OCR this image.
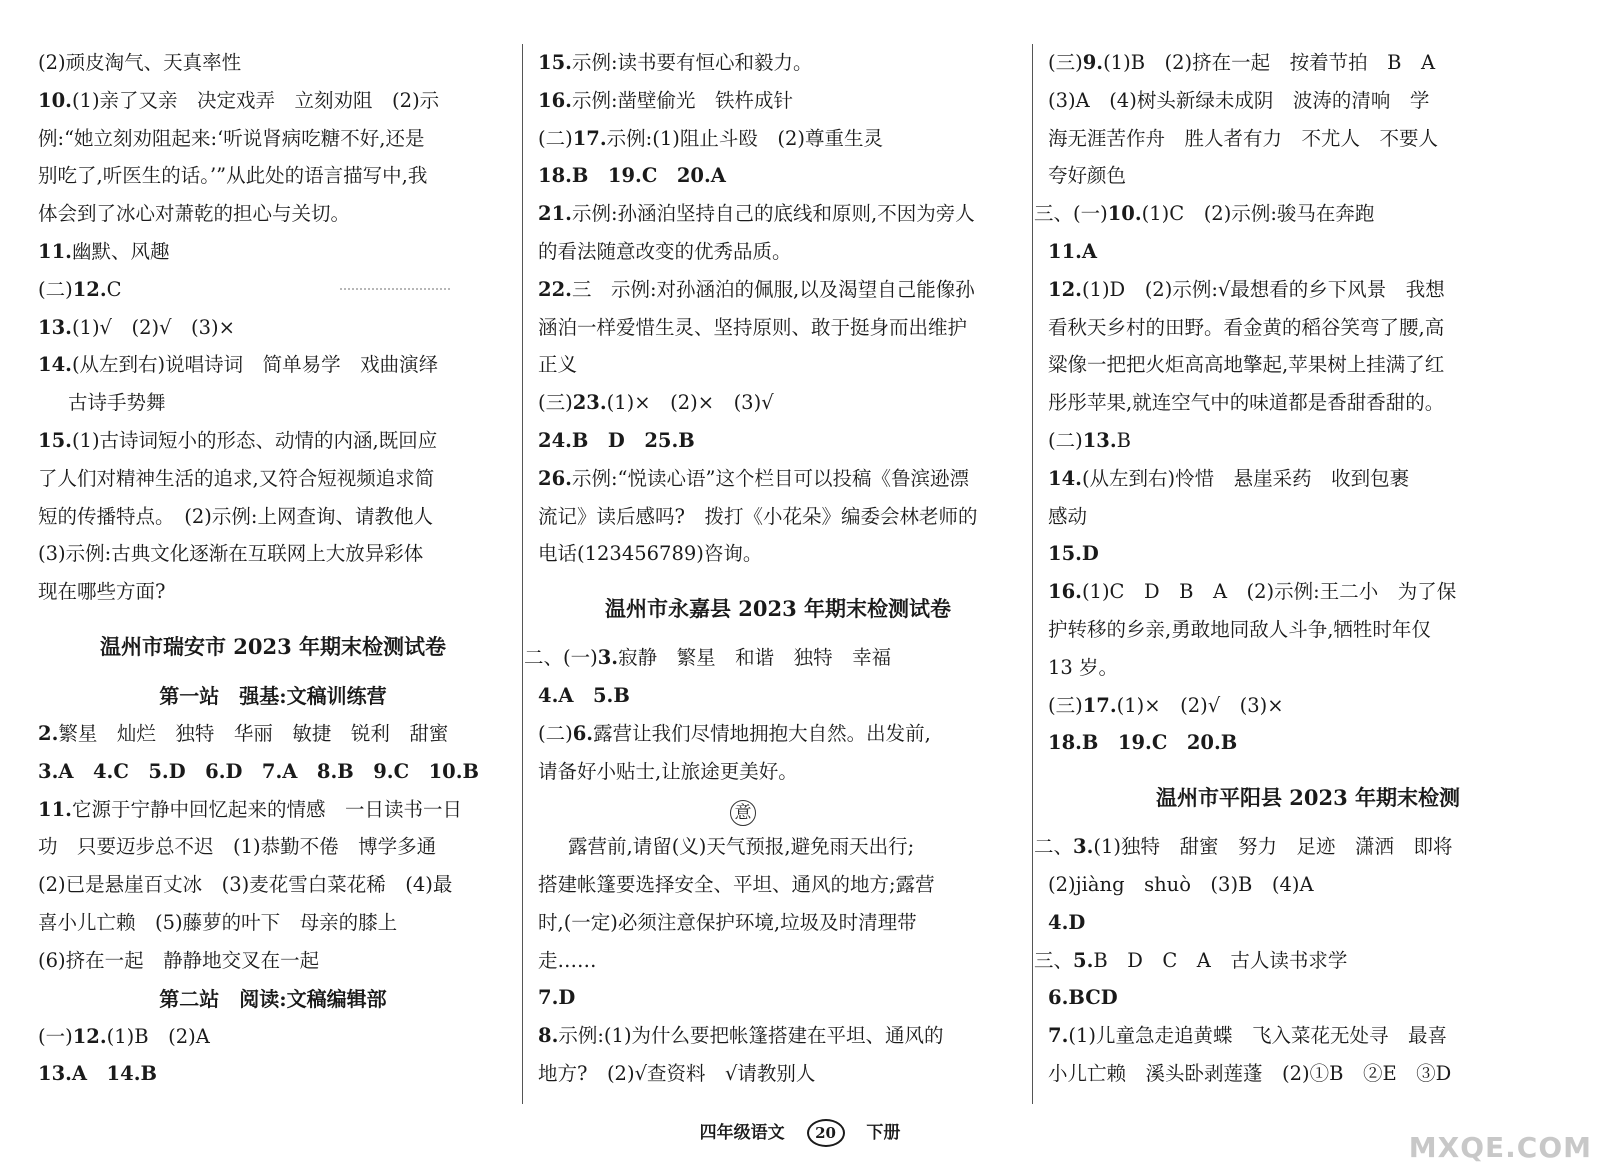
(2)顽皮淘气、天真率性
10.(1)亲了又亲　决定戏弄　立刻劝阻　(2)示
例:“她立刻劝阻起来:‘听说肾病吃糖不好,还是
别吃了,听医生的话。’”从此处的语言描写中,我
体会到了冰心对萧乾的担心与关切。
11.幽默、风趣
(二)12.C
13.(1)√　(2)√　(3)×
14.(从左到右)说唱诗词　简单易学　戏曲演绎
古诗手势舞
15.(1)古诗词短小的形态、动情的内涵,既回应
了人们对精神生活的追求,又符合短视频追求简
短的传播特点。　(2)示例:上网查询、请教他人
(3)示例:古典文化逐渐在互联网上大放异彩体
现在哪些方面?
温州市瑞安市 2023 年期末检测试卷
第一站　强基:文稿训练营
2.繁星　灿烂　独特　华丽　敏捷　锐利　甜蜜
3.A　4.C　5.D　6.D　7.A　8.B　9.C　10.B
11.它源于宁静中回忆起来的情感　一日读书一日
功　只要迈步总不迟　(1)恭勤不倦　博学多通
(2)已是悬崖百丈冰　(3)麦花雪白菜花稀　(4)最
喜小儿亡赖　(5)藤萝的叶下　母亲的膝上
(6)挤在一起　静静地交叉在一起
第二站　阅读:文稿编辑部
(一)12.(1)B　(2)A
13.A　14.B
15.示例:读书要有恒心和毅力。
16.示例:凿壁偷光　铁杵成针
(二)17.示例:(1)阻止斗殴　(2)尊重生灵
18.B　19.C　20.A
21.示例:孙涵泊坚持自己的底线和原则,不因为旁人
的看法随意改变的优秀品质。
22.三　示例:对孙涵泊的佩服,以及渴望自己能像孙
涵泊一样爱惜生灵、坚持原则、敢于挺身而出维护
正义
(三)23.(1)×　(2)×　(3)√
24.B　D　25.B
26.示例:“悦读心语”这个栏目可以投稿《鲁滨逊漂
流记》读后感吗?　拨打《小花朵》编委会林老师的
电话(123456789)咨询。
温州市永嘉县 2023 年期末检测试卷
二、(一)3.寂静　繁星　和谐　独特　幸福
4.A　5.B
(二)6.露营让我们尽情地拥抱大自然。出发前,
请备好小贴士,让旅途更美好。
意
露营前,请留(义)天气预报,避免雨天出行;
搭建帐篷要选择安全、平坦、通风的地方;露营
时,(一定)必须注意保护环境,垃圾及时清理带
走……
7.D
8.示例:(1)为什么要把帐篷搭建在平坦、通风的
地方?　(2)√查资料　√请教别人
(三)9.(1)B　(2)挤在一起　按着节拍　B　A
(3)A　(4)树头新绿未成阴　波涛的清响　学
海无涯苦作舟　胜人者有力　不尤人　不要人
夸好颜色
三、(一)10.(1)C　(2)示例:骏马在奔跑
11.A
12.(1)D　(2)示例:√最想看的乡下风景　我想
看秋天乡村的田野。看金黄的稻谷笑弯了腰,高
粱像一把把火炬高高地擎起,苹果树上挂满了红
彤彤苹果,就连空气中的味道都是香甜香甜的。
(二)13.B
14.(从左到右)怜惜　悬崖采药　收到包裹
感动
15.D
16.(1)C　D　B　A　(2)示例:王二小　为了保
护转移的乡亲,勇敢地同敌人斗争,牺牲时年仅
13 岁。
(三)17.(1)×　(2)√　(3)×
18.B　19.C　20.B
温州市平阳县 2023 年期末检测
二、3.(1)独特　甜蜜　努力　足迹　潇洒　即将
(2)jiàng　shuò　(3)B　(4)A
4.D
三、5.B　D　C　A　古人读书求学
6.BCD
7.(1)儿童急走追黄蝶　飞入菜花无处寻　最喜
小儿亡赖　溪头卧剥莲蓬　(2)①B　②E　③D
四年级语文 20 下册	MXQE.COM
